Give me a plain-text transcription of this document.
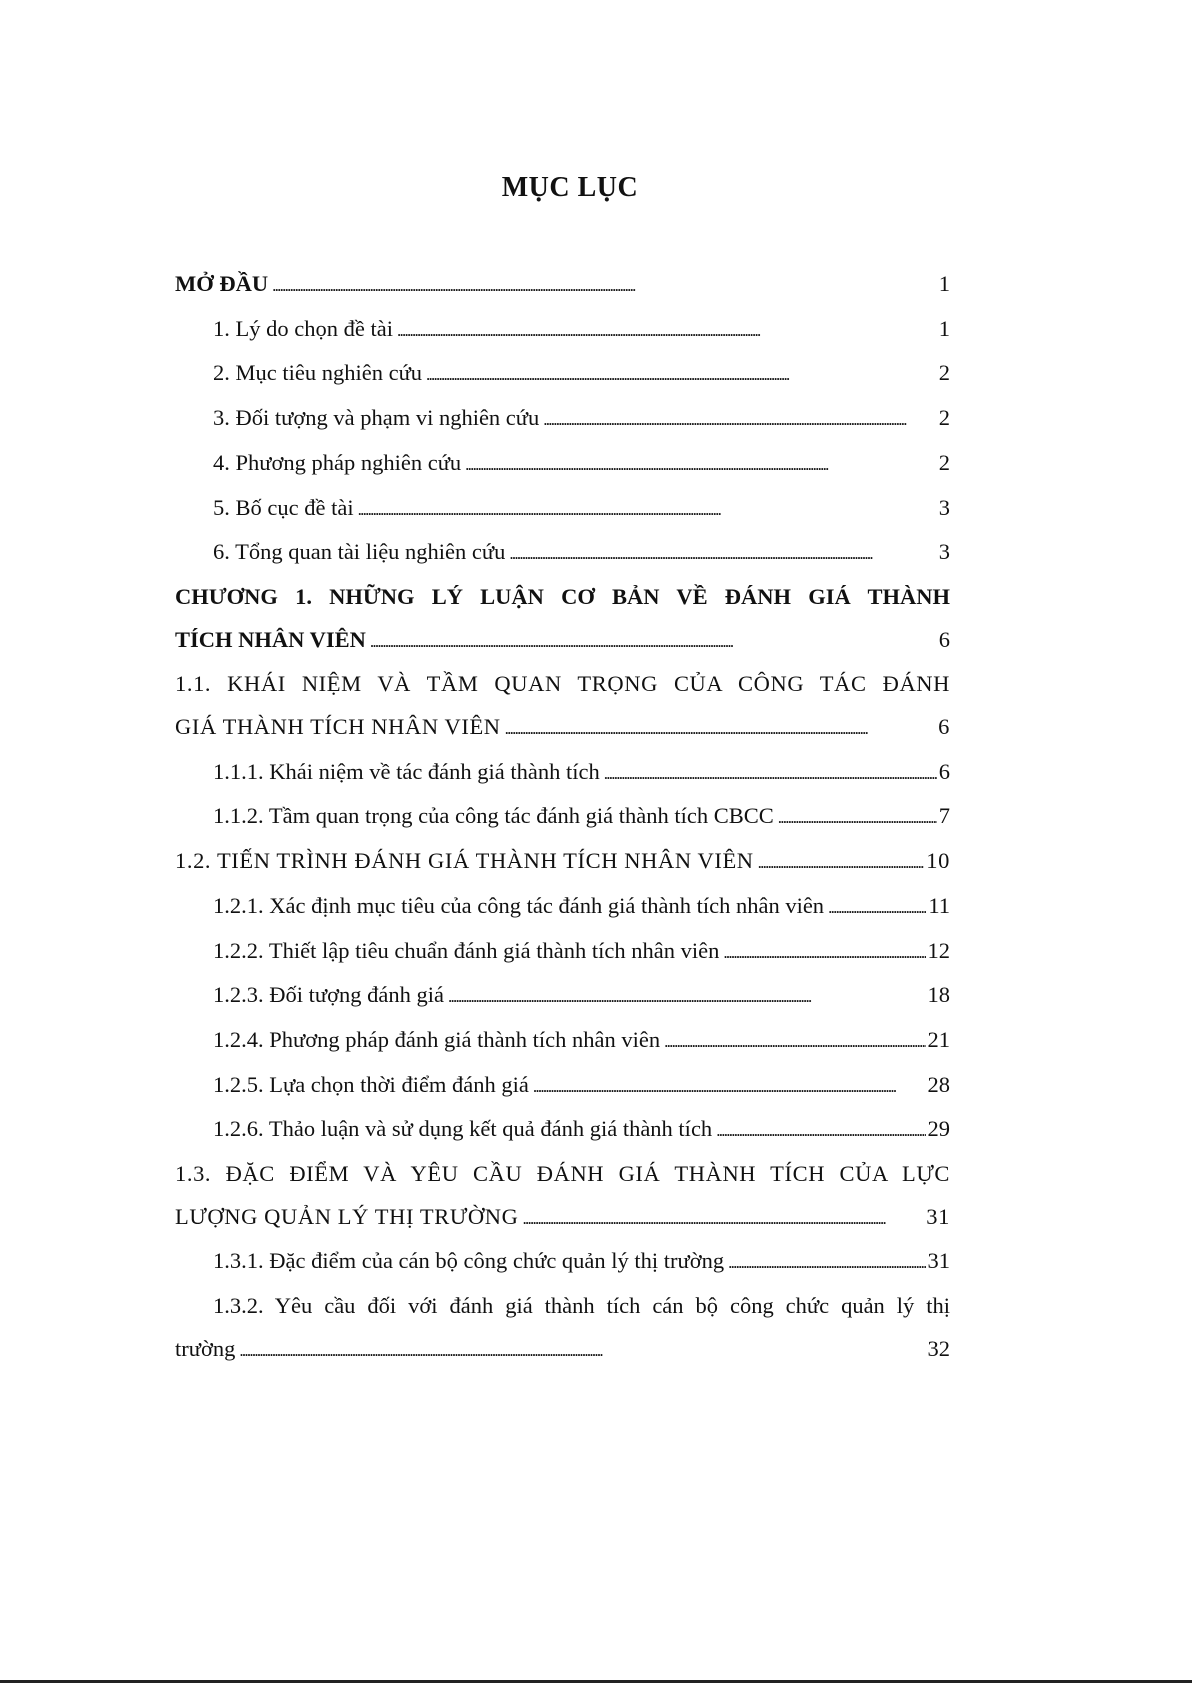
MỤC LỤC
MỞ ĐẦU . . .	1
1. Lý do chọn đề tài . . .	1
2. Mục tiêu nghiên cứu . . .	2
3. Đối tượng và phạm vi nghiên cứu . . .	2
4. Phương pháp nghiên cứu . . .	2
5. Bố cục đề tài . . .	3
6. Tổng quan tài liệu nghiên cứu . . .	3
CHƯƠNG 1. NHỮNG LÝ LUẬN CƠ BẢN VỀ ĐÁNH GIÁ THÀNH
TÍCH NHÂN VIÊN . . .	6
1.1. KHÁI NIỆM VÀ TẦM QUAN TRỌNG CỦA CÔNG TÁC ĐÁNH
GIÁ THÀNH TÍCH NHÂN VIÊN . . .	6
1.1.1. Khái niệm về tác đánh giá thành tích . . .	6
1.1.2. Tầm quan trọng của công tác đánh giá thành tích CBCC . . .	7
1.2. TIẾN TRÌNH ĐÁNH GIÁ THÀNH TÍCH NHÂN VIÊN . . .	10
1.2.1. Xác định mục tiêu của công tác đánh giá thành tích nhân viên . . .	11
1.2.2. Thiết lập tiêu chuẩn đánh giá thành tích nhân viên . . .	12
1.2.3. Đối tượng đánh giá . . .	18
1.2.4. Phương pháp đánh giá thành tích nhân viên . . .	21
1.2.5. Lựa chọn thời điểm đánh giá . . .	28
1.2.6. Thảo luận và sử dụng kết quả đánh giá thành tích . . .	29
1.3. ĐẶC ĐIỂM VÀ YÊU CẦU ĐÁNH GIÁ THÀNH TÍCH CỦA LỰC
LƯỢNG QUẢN LÝ THỊ TRƯỜNG . . .	31
1.3.1. Đặc điểm của cán bộ công chức quản lý thị trường . . .	31
1.3.2. Yêu cầu đối với đánh giá thành tích cán bộ công chức quản lý thị
trường . . .	32
